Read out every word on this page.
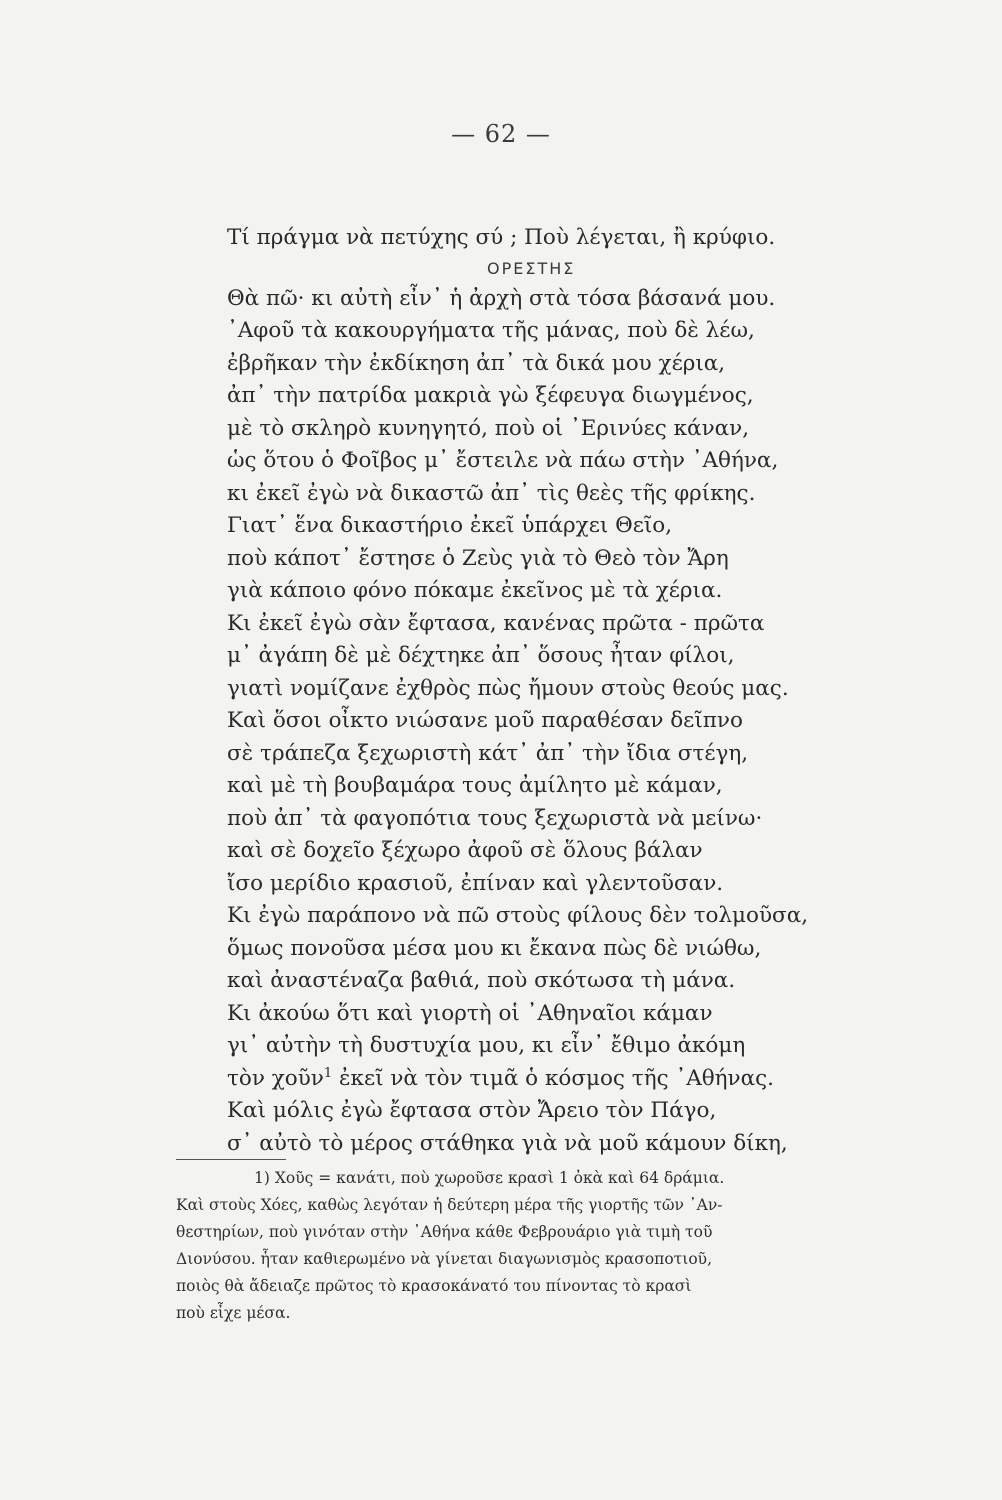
— 62 —
Τί πράγμα νὰ πετύχης σύ ; Ποὺ λέγεται, ἢ κρύφιο.
ΟΡΕΣΤΗΣ
Θὰ πῶ· κι αὐτὴ εἶν᾽ ἡ ἀρχὴ στὰ τόσα βάσανά μου.
᾽Αφοῦ τὰ κακουργήματα τῆς μάνας, ποὺ δὲ λέω,
ἐβρῆκαν τὴν ἐκδίκηση ἀπ᾽ τὰ δικά μου χέρια,
ἀπ᾽ τὴν πατρίδα μακριὰ γὼ ξέφευγα διωγμένος,
μὲ τὸ σκληρὸ κυνηγητό, ποὺ οἱ ᾽Ερινύες κάναν,
ὡς ὅτου ὁ Φοῖβος μ᾽ ἔστειλε νὰ πάω στὴν ᾽Αθήνα,
κι ἐκεῖ ἐγὼ νὰ δικαστῶ ἀπ᾽ τὶς θεὲς τῆς φρίκης.
Γιατ᾽ ἕνα δικαστήριο ἐκεῖ ὑπάρχει Θεῖο,
ποὺ κάποτ᾽ ἔστησε ὁ Ζεὺς γιὰ τὸ Θεὸ τὸν Ἄρη
γιὰ κάποιο φόνο πόκαμε ἐκεῖνος μὲ τὰ χέρια.
Κι ἐκεῖ ἐγὼ σὰν ἔφτασα, κανένας πρῶτα - πρῶτα
μ᾽ ἀγάπη δὲ μὲ δέχτηκε ἀπ᾽ ὅσους ἦταν φίλοι,
γιατὶ νομίζανε ἐχθρὸς πὼς ἤμουν στοὺς θεούς μας.
Καὶ ὅσοι οἶκτο νιώσανε μοῦ παραθέσαν δεῖπνο
σὲ τράπεζα ξεχωριστὴ κάτ᾽ ἀπ᾽ τὴν ἴδια στέγη,
καὶ μὲ τὴ βουβαμάρα τους ἀμίλητο μὲ κάμαν,
ποὺ ἀπ᾽ τὰ φαγοπότια τους ξεχωριστὰ νὰ μείνω·
καὶ σὲ δοχεῖο ξέχωρο ἀφοῦ σὲ ὅλους βάλαν
ἴσο μερίδιο κρασιοῦ, ἐπίναν καὶ γλεντοῦσαν.
Κι ἐγὼ παράπονο νὰ πῶ στοὺς φίλους δὲν τολμοῦσα,
ὅμως πονοῦσα μέσα μου κι ἔκανα πὼς δὲ νιώθω,
καὶ ἀναστέναζα βαθιά, ποὺ σκότωσα τὴ μάνα.
Κι ἀκούω ὅτι καὶ γιορτὴ οἱ ᾽Αθηναῖοι κάμαν
γι᾽ αὐτὴν τὴ δυστυχία μου, κι εἶν᾽ ἔθιμο ἀκόμη
τὸν χοῦν$^1$ ἐκεῖ νὰ τὸν τιμᾶ ὁ κόσμος τῆς ᾽Αθήνας.
Καὶ μόλις ἐγὼ ἔφτασα στὸν Ἄρειο τὸν Πάγο,
σ᾽ αὐτὸ τὸ μέρος στάθηκα γιὰ νὰ μοῦ κάμουν δίκη,
1) Χοῦς = κανάτι, ποὺ χωροῦσε κρασὶ 1 ὀκὰ καὶ 64 δράμια.
Καὶ στοὺς Χόες, καθὼς λεγόταν ἡ δεύτερη μέρα τῆς γιορτῆς τῶν ᾽Αν-
θεστηρίων, ποὺ γινόταν στὴν ᾽Αθήνα κάθε Φεβρουάριο γιὰ τιμὴ τοῦ
Διονύσου. ἦταν καθιερωμένο νὰ γίνεται διαγωνισμὸς κρασοποτιοῦ,
ποιὸς θὰ ἄδειαζε πρῶτος τὸ κρασοκάνατό του πίνοντας τὸ κρασὶ
ποὺ εἶχε μέσα.
